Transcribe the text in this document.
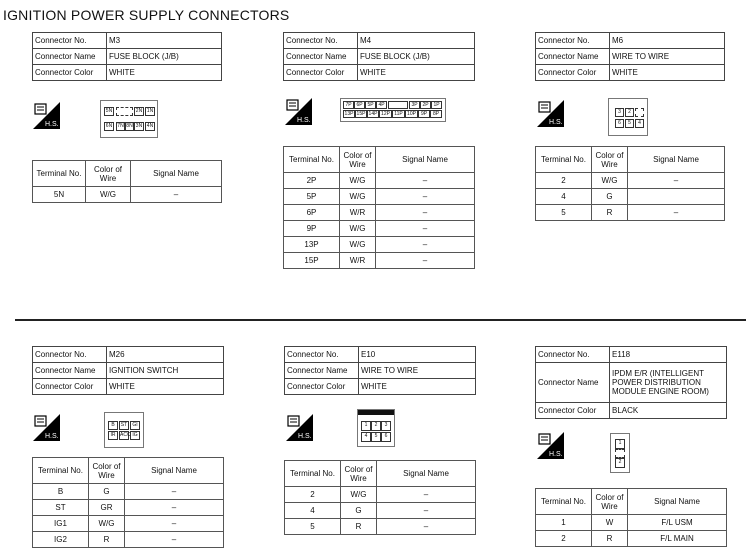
IGNITION POWER SUPPLY CONNECTORS
Connector No.	M3
Connector Name	FUSE BLOCK (J/B)
Connector Color	WHITE
H.S.
5N	2N 1N
6N	7N 8N 3N 4N
Terminal No.	Color of Wire	Signal Name
5N	W/G	–
Connector No.	M4
Connector Name	FUSE BLOCK (J/B)
Connector Color	WHITE
H.S.
7P 6P 5P 4P	3P 2P 1P
13P 15P 14P 12P 11P 10P 9P	8P
Terminal No.	Color of Wire	Signal Name
2P	W/G	–
5P	W/G	–
6P	W/R	–
9P	W/G	–
13P	W/G	–
15P	W/R	–
Connector No.	M6
Connector Name	WIRE TO WIRE
Connector Color	WHITE
H.S.
3	2
6	5	4
Terminal No.	Color of Wire	Signal Name
2	W/G	–
4	G	
5	R	–
Connector No.	M26
Connector Name	IGNITION SWITCH
Connector Color	WHITE
H.S.
B	ST	GI
IR ACC IG
Terminal No.	Color of Wire	Signal Name
B	G	–
ST	GR	–
IG1	W/G	–
IG2	R	–
Connector No.	E10
Connector Name	WIRE TO WIRE
Connector Color	WHITE
H.S.
1	2	3
4	5	6
Terminal No.	Color of Wire	Signal Name
2	W/G	–
4	G	–
5	R	–
Connector No.	E118
Connector Name	IPDM E/R (INTELLIGENT POWER DISTRIBUTION MODULE ENGINE ROOM)
Connector Color	BLACK
H.S.
1
2
Terminal No.	Color of Wire	Signal Name
1	W	F/L USM
2	R	F/L MAIN
